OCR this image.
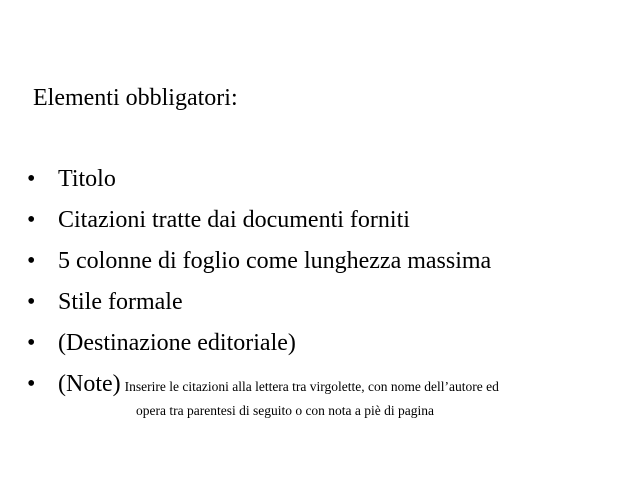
Elementi obbligatori:
• Titolo
• Citazioni tratte dai documenti forniti
• 5 colonne di foglio come lunghezza massima
• Stile formale
• (Destinazione editoriale)
• (Note) Inserire le citazioni alla lettera tra virgolette, con nome dell’autore ed
opera tra parentesi di seguito o con nota a piè di pagina
